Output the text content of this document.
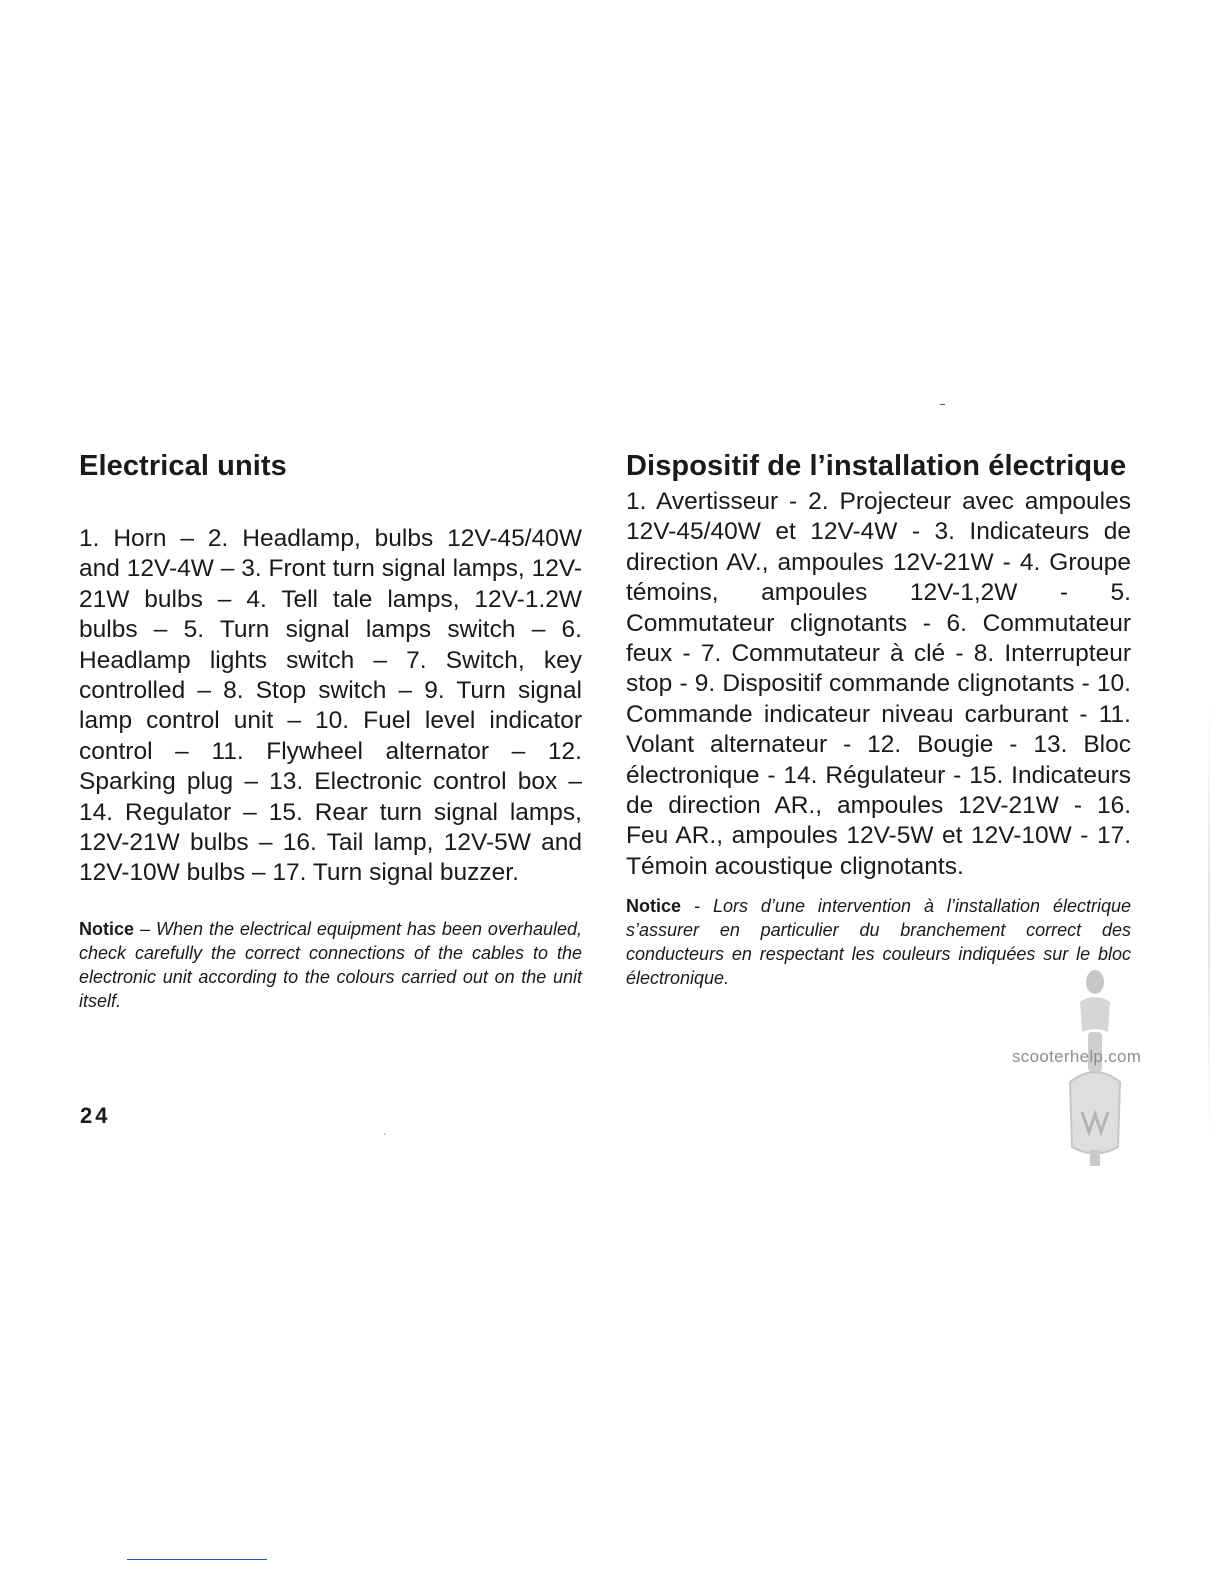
Electrical units

1. Horn – 2. Headlamp, bulbs 12V-45/40W and 12V-4W – 3. Front turn signal lamps, 12V-21W bulbs – 4. Tell tale lamps, 12V-1.2W bulbs – 5. Turn signal lamps switch – 6. Headlamp lights switch – 7. Switch, key controlled – 8. Stop switch – 9. Turn signal lamp control unit – 10. Fuel level indicator control – 11. Flywheel alternator – 12. Sparking plug – 13. Electronic control box – 14. Regulator – 15. Rear turn signal lamps, 12V-21W bulbs – 16. Tail lamp, 12V-5W and 12V-10W bulbs – 17. Turn signal buzzer.

Notice – When the electrical equipment has been overhauled, check carefully the correct connections of the cables to the electronic unit according to the colours carried out on the unit itself.

Dispositif de l’installation électrique

1. Avertisseur - 2. Projecteur avec ampoules 12V-45/40W et 12V-4W - 3. Indicateurs de direction AV., ampoules 12V-21W - 4. Groupe témoins, ampoules 12V-1,2W - 5. Commutateur clignotants - 6. Commutateur feux - 7. Commutateur à clé - 8. Interrupteur stop - 9. Dispositif commande clignotants - 10. Commande indicateur niveau carburant - 11. Volant alternateur - 12. Bougie - 13. Bloc électronique - 14. Régulateur - 15. Indicateurs de direction AR., ampoules 12V-21W - 16. Feu AR., ampoules 12V-5W et 12V-10W - 17. Témoin acoustique clignotants.

Notice - Lors d’une intervention à l’installation électrique s’assurer en particulier du branchement correct des conducteurs en respectant les couleurs indiquées sur le bloc électronique.

24
scooterhelp.com
